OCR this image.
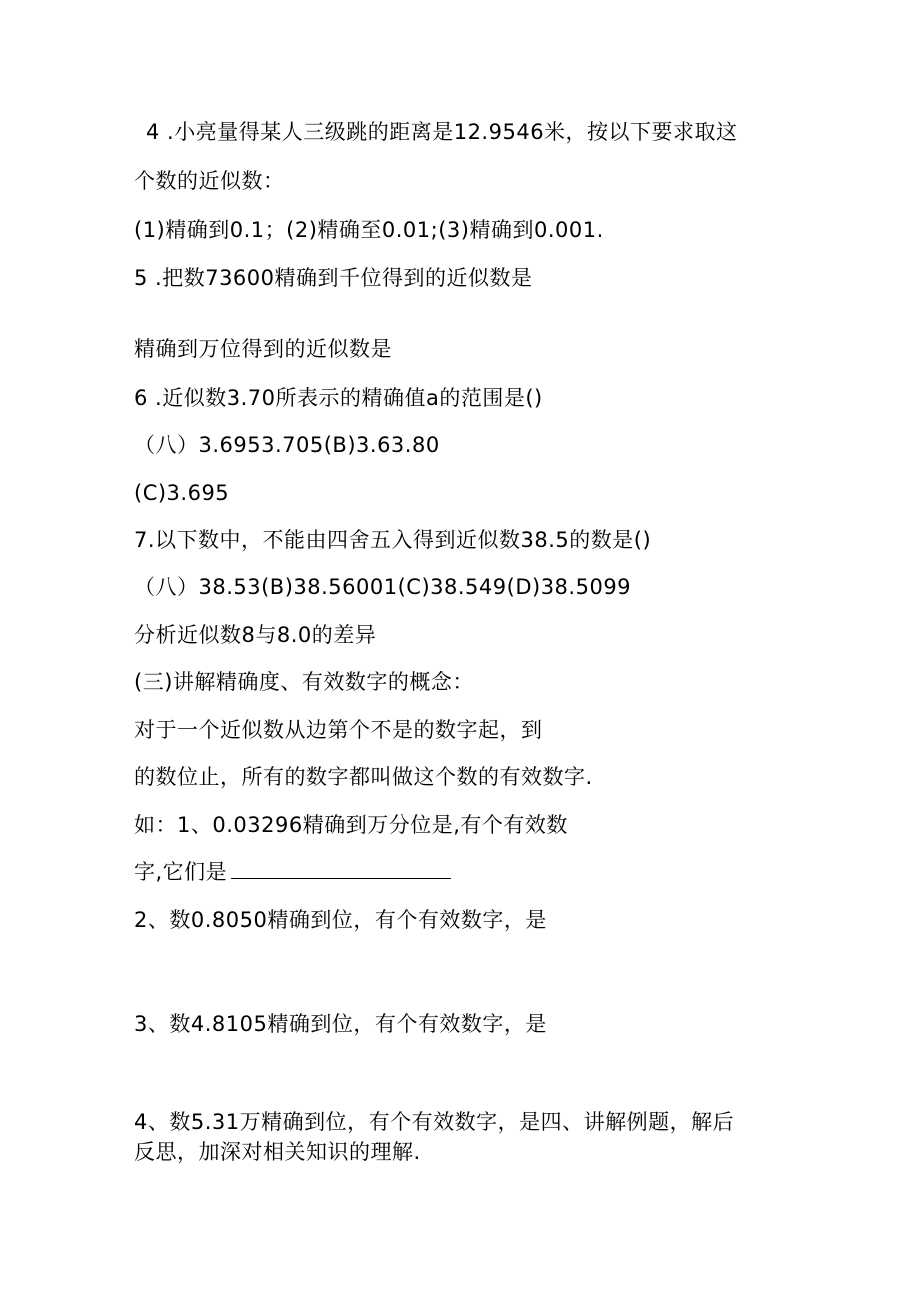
4 .小亮量得某人三级跳的距离是12.9546米，按以下要求取这
个数的近似数：
(1)精确到0.1；(2)精确至0.01;(3)精确到0.001.
5 .把数73600精确到千位得到的近似数是
精确到万位得到的近似数是
6 .近似数3.70所表示的精确值a的范围是()
（八）3.6953.705(B)3.63.80
(C)3.695
7.以下数中，不能由四舍五入得到近似数38.5的数是()
（八）38.53(B)38.56001(C)38.549(D)38.5099
分析近似数8与8.0的差异
(三)讲解精确度、有效数字的概念：
对于一个近似数从边第个不是的数字起，到
的数位止，所有的数字都叫做这个数的有效数字.
如：1、0.03296精确到万分位是,有个有效数
字,它们是
2、数0.8050精确到位，有个有效数字，是
3、数4.8105精确到位，有个有效数字，是
4、数5.31万精确到位，有个有效数字，是四、讲解例题，解后
反思，加深对相关知识的理解.
